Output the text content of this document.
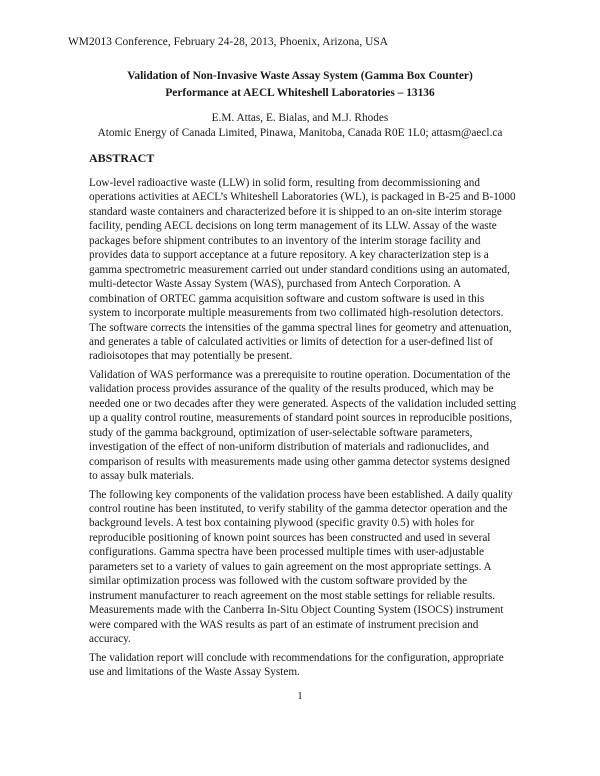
WM2013 Conference, February 24-28, 2013, Phoenix, Arizona, USA
Validation of Non-Invasive Waste Assay System (Gamma Box Counter)
Performance at AECL Whiteshell Laboratories – 13136
E.M. Attas, E. Bialas, and M.J. Rhodes
Atomic Energy of Canada Limited, Pinawa, Manitoba, Canada R0E 1L0; attasm@aecl.ca
ABSTRACT

Low-level radioactive waste (LLW) in solid form, resulting from decommissioning and operations activities at AECL’s Whiteshell Laboratories (WL), is packaged in B-25 and B-1000 standard waste containers and characterized before it is shipped to an on-site interim storage facility, pending AECL decisions on long term management of its LLW. Assay of the waste packages before shipment contributes to an inventory of the interim storage facility and provides data to support acceptance at a future repository. A key characterization step is a gamma spectrometric measurement carried out under standard conditions using an automated, multi-detector Waste Assay System (WAS), purchased from Antech Corporation. A combination of ORTEC gamma acquisition software and custom software is used in this system to incorporate multiple measurements from two collimated high-resolution detectors. The software corrects the intensities of the gamma spectral lines for geometry and attenuation, and generates a table of calculated activities or limits of detection for a user-defined list of radioisotopes that may potentially be present.

Validation of WAS performance was a prerequisite to routine operation. Documentation of the validation process provides assurance of the quality of the results produced, which may be needed one or two decades after they were generated. Aspects of the validation included setting up a quality control routine, measurements of standard point sources in reproducible positions, study of the gamma background, optimization of user-selectable software parameters, investigation of the effect of non-uniform distribution of materials and radionuclides, and comparison of results with measurements made using other gamma detector systems designed to assay bulk materials.

The following key components of the validation process have been established. A daily quality control routine has been instituted, to verify stability of the gamma detector operation and the background levels. A test box containing plywood (specific gravity 0.5) with holes for reproducible positioning of known point sources has been constructed and used in several configurations. Gamma spectra have been processed multiple times with user-adjustable parameters set to a variety of values to gain agreement on the most appropriate settings. A similar optimization process was followed with the custom software provided by the instrument manufacturer to reach agreement on the most stable settings for reliable results. Measurements made with the Canberra In-Situ Object Counting System (ISOCS) instrument were compared with the WAS results as part of an estimate of instrument precision and accuracy.

The validation report will conclude with recommendations for the configuration, appropriate use and limitations of the Waste Assay System.

1
